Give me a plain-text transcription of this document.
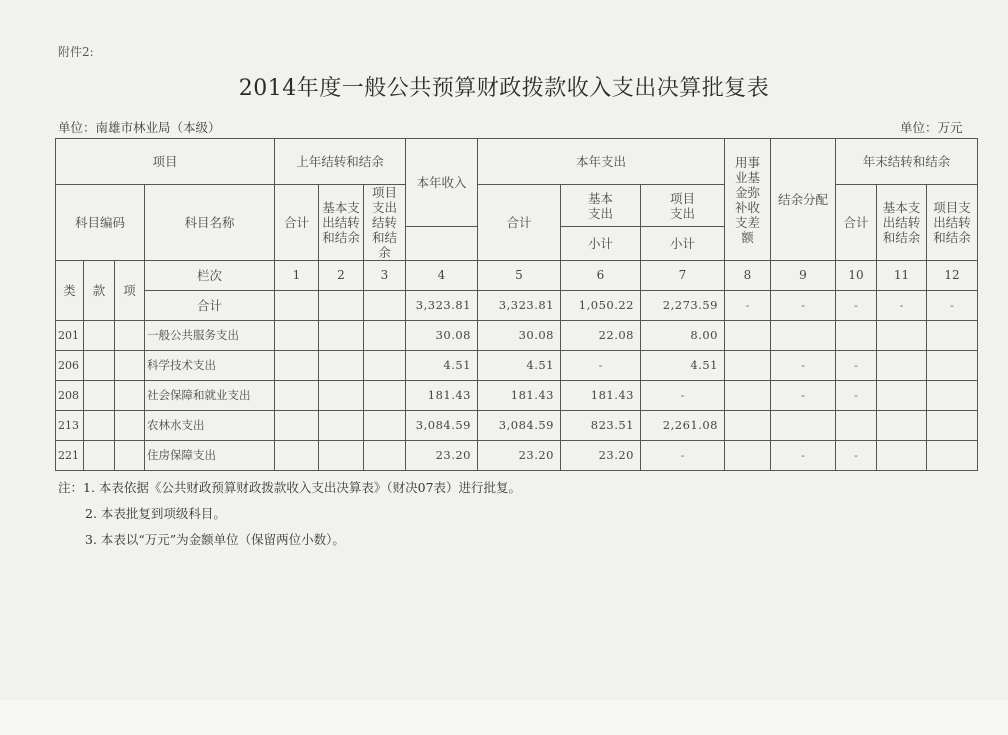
附件2:
2014年度一般公共预算财政拨款收入支出决算批复表
单位：南雄市林业局（本级）	单位：万元
项目				上年结转和结余			本年收入	本年支出			用事业基金弥补收支差额	结余分配	年末结转和结余		
科目编码			科目名称	合计	基本支出结转和结余	项目支出结转和结余		合计	基本支出	项目支出			合计	基本支出结转和结余	项目支出结转和结余
									小计	小计					
类	款	项	栏次	1	2	3	4	5	6	7	8	9	10	11	12
			合计				3,323.81	3,323.81	1,050.22	2,273.59	-	-	-	-	-
201			一般公共服务支出				30.08	30.08	22.08	8.00					
206			科学技术支出				4.51	4.51	-	4.51		-	-		
208			社会保障和就业支出				181.43	181.43	181.43	-		-	-		
213			农林水支出				3,084.59	3,084.59	823.51	2,261.08					
221			住房保障支出				23.20	23.20	23.20	-		-	-		
注：1. 本表依据《公共财政预算财政拨款收入支出决算表》（财决07表）进行批复。
2. 本表批复到项级科目。
3. 本表以“万元”为金额单位（保留两位小数）。
